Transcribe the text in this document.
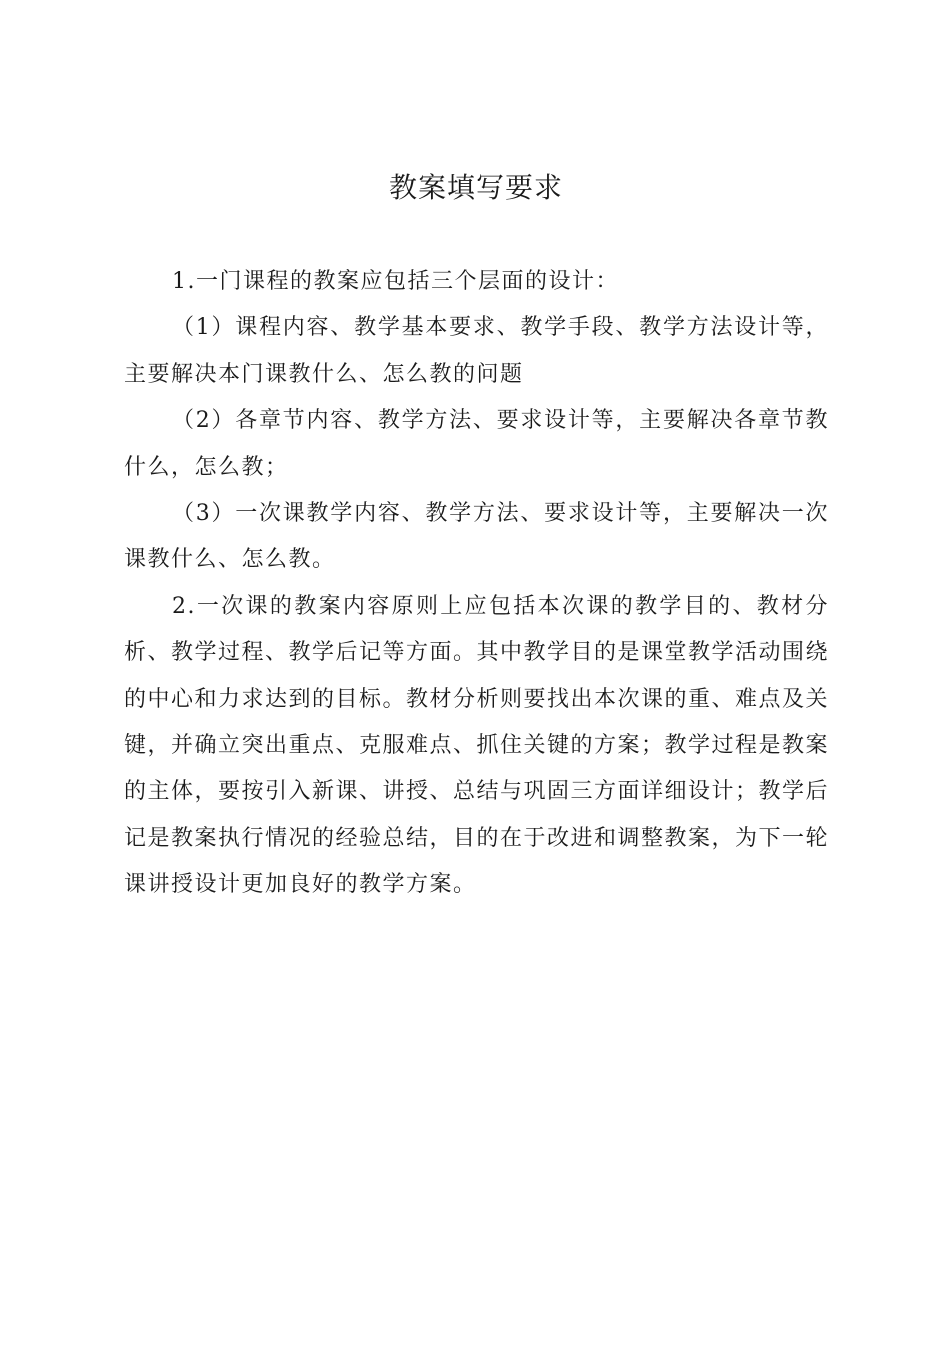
教案填写要求

1.一门课程的教案应包括三个层面的设计：

（1）课程内容、教学基本要求、教学手段、教学方法设计等，主要解决本门课教什么、怎么教的问题

（2）各章节内容、教学方法、要求设计等，主要解决各章节教什么，怎么教；

（3）一次课教学内容、教学方法、要求设计等，主要解决一次课教什么、怎么教。

2.一次课的教案内容原则上应包括本次课的教学目的、教材分析、教学过程、教学后记等方面。其中教学目的是课堂教学活动围绕的中心和力求达到的目标。教材分析则要找出本次课的重、难点及关键，并确立突出重点、克服难点、抓住关键的方案；教学过程是教案的主体，要按引入新课、讲授、总结与巩固三方面详细设计；教学后记是教案执行情况的经验总结，目的在于改进和调整教案，为下一轮课讲授设计更加良好的教学方案。
